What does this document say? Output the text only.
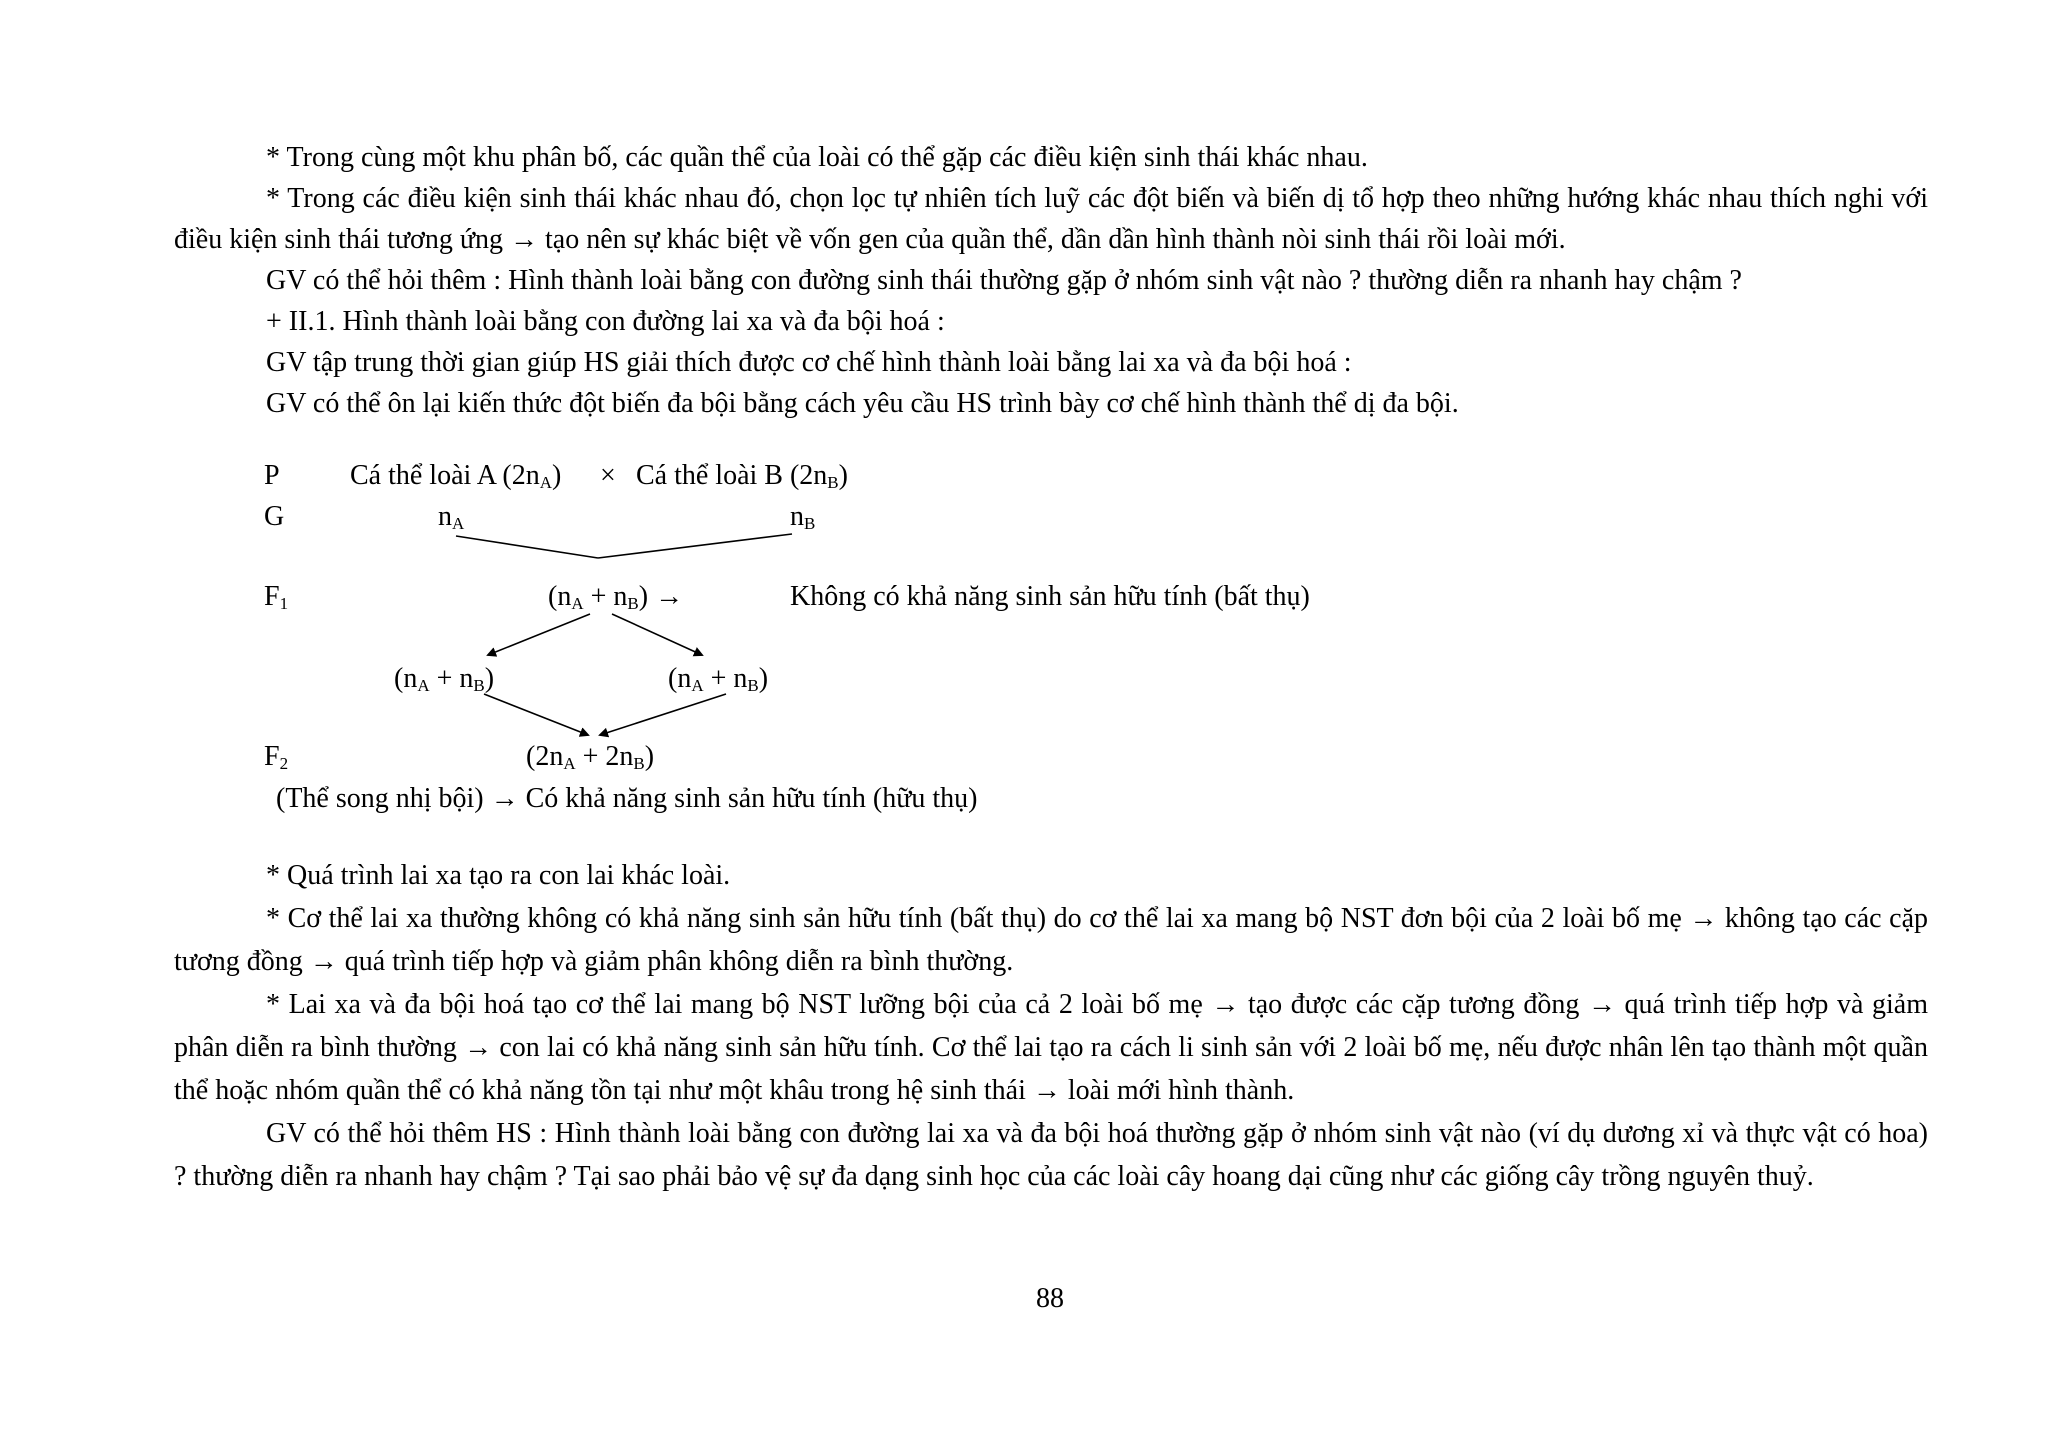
* Trong cùng một khu phân bố, các quần thể của loài có thể gặp các điều kiện sinh thái khác nhau.

* Trong các điều kiện sinh thái khác nhau đó, chọn lọc tự nhiên tích luỹ các đột biến và biến dị tổ hợp theo những hướng khác nhau thích nghi với điều kiện sinh thái tương ứng → tạo nên sự khác biệt về vốn gen của quần thể, dần dần hình thành nòi sinh thái rồi loài mới.

GV có thể hỏi thêm : Hình thành loài bằng con đường sinh thái thường gặp ở nhóm sinh vật nào ? thường diễn ra nhanh hay chậm ?

+ II.1. Hình thành loài bằng con đường lai xa và đa bội hoá :

GV tập trung thời gian giúp HS giải thích được cơ chế hình thành loài bằng lai xa và đa bội hoá :

GV có thể ôn lại kiến thức đột biến đa bội bằng cách yêu cầu HS trình bày cơ chế hình thành thể dị đa bội.

P	Cá thể loài A $(2n_A)$ × Cá thể loài B $(2n_B)$
G	$n_A$	$n_B$
$F_1$	$(n_A + n_B)$ →	Không có khả năng sinh sản hữu tính (bất thụ)
$(n_A + n_B)$	$(n_A + n_B)$
$F_2$	$(2n_A + 2n_B)$
(Thể song nhị bội) → Có khả năng sinh sản hữu tính (hữu thụ)

* Quá trình lai xa tạo ra con lai khác loài.

* Cơ thể lai xa thường không có khả năng sinh sản hữu tính (bất thụ) do cơ thể lai xa mang bộ NST đơn bội của 2 loài bố mẹ → không tạo các cặp tương đồng → quá trình tiếp hợp và giảm phân không diễn ra bình thường.

* Lai xa và đa bội hoá tạo cơ thể lai mang bộ NST lưỡng bội của cả 2 loài bố mẹ → tạo được các cặp tương đồng → quá trình tiếp hợp và giảm phân diễn ra bình thường → con lai có khả năng sinh sản hữu tính. Cơ thể lai tạo ra cách li sinh sản với 2 loài bố mẹ, nếu được nhân lên tạo thành một quần thể hoặc nhóm quần thể có khả năng tồn tại như một khâu trong hệ sinh thái → loài mới hình thành.

GV có thể hỏi thêm HS : Hình thành loài bằng con đường lai xa và đa bội hoá thường gặp ở nhóm sinh vật nào (ví dụ dương xỉ và thực vật có hoa) ? thường diễn ra nhanh hay chậm ? Tại sao phải bảo vệ sự đa dạng sinh học của các loài cây hoang dại cũng như các giống cây trồng nguyên thuỷ.

88
